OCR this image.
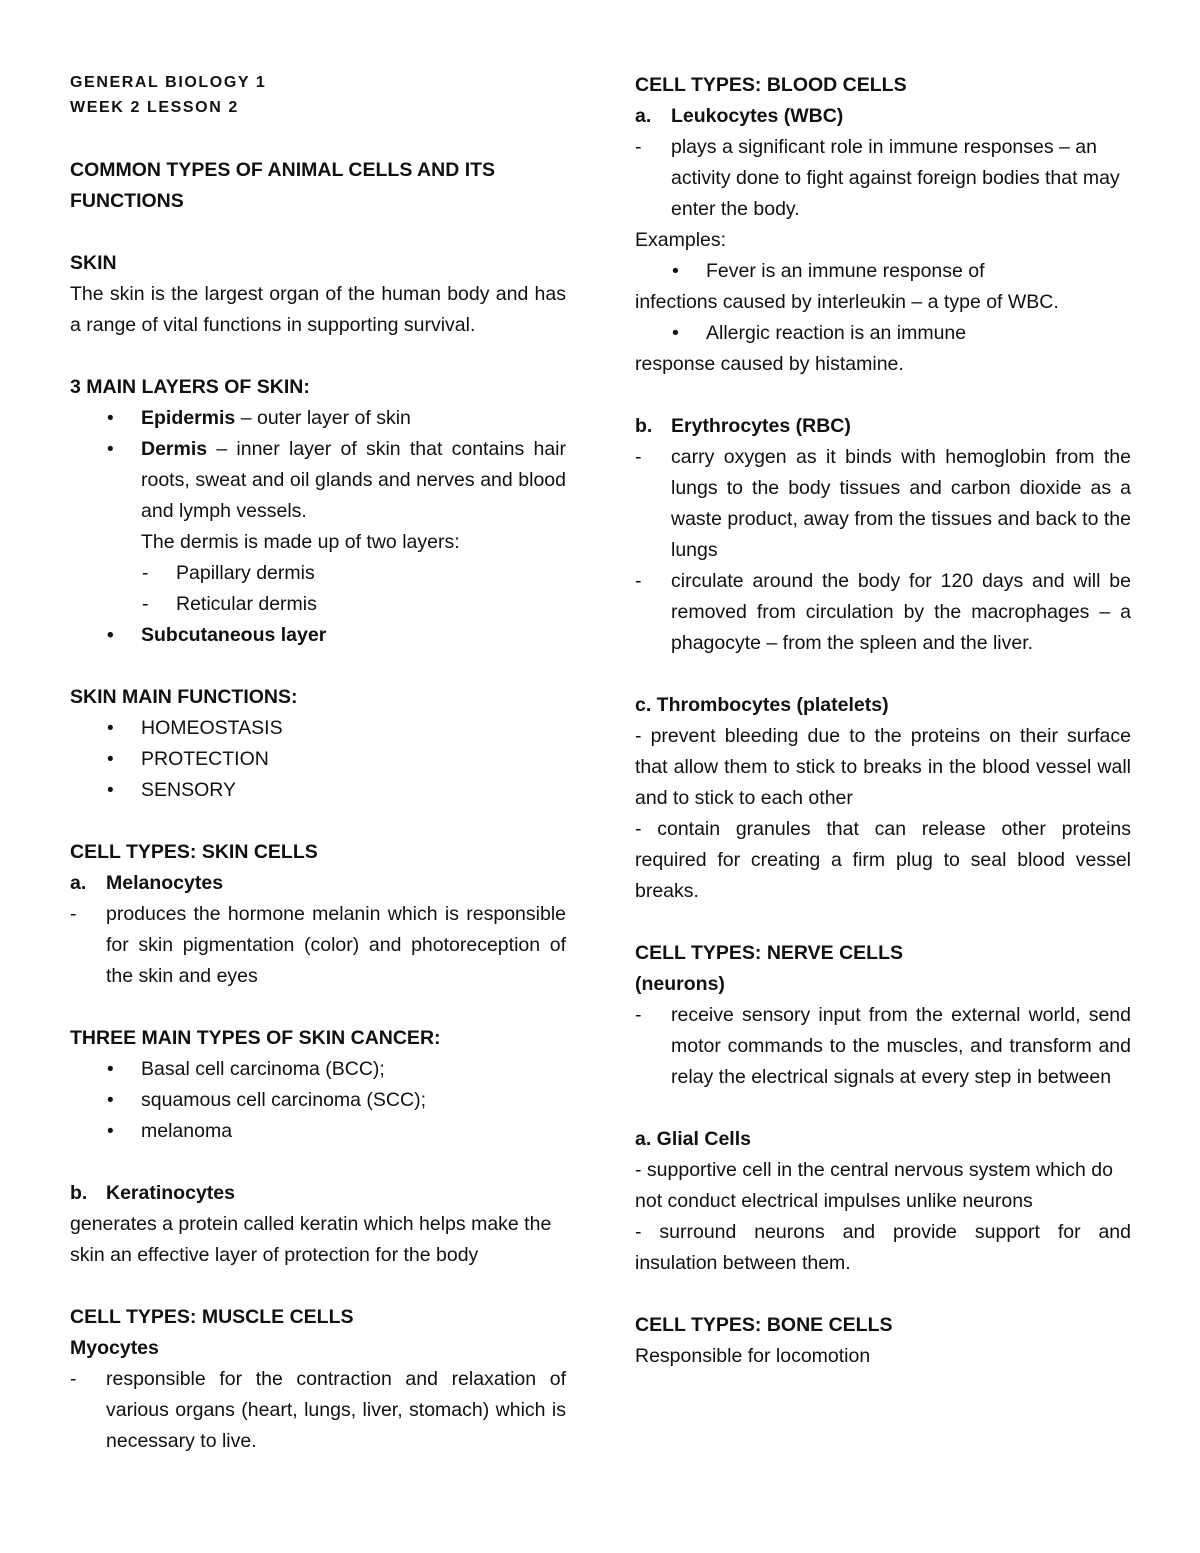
GENERAL BIOLOGY 1
WEEK 2 LESSON 2
COMMON TYPES OF ANIMAL CELLS AND ITS
FUNCTIONS
SKIN
The skin is the largest organ of the human body and has a range of vital functions in supporting survival.
3 MAIN LAYERS OF SKIN:
• Epidermis – outer layer of skin
• Dermis – inner layer of skin that contains hair roots, sweat and oil glands and nerves and blood and lymph vessels.
The dermis is made up of two layers:
- Papillary dermis
- Reticular dermis
• Subcutaneous layer
SKIN MAIN FUNCTIONS:
• HOMEOSTASIS
• PROTECTION
• SENSORY
CELL TYPES: SKIN CELLS
a. Melanocytes
- produces the hormone melanin which is responsible for skin pigmentation (color) and photoreception of the skin and eyes
THREE MAIN TYPES OF SKIN CANCER:
• Basal cell carcinoma (BCC);
• squamous cell carcinoma (SCC);
• melanoma
b. Keratinocytes
generates a protein called keratin which helps make the skin an effective layer of protection for the body
CELL TYPES: MUSCLE CELLS
Myocytes
- responsible for the contraction and relaxation of various organs (heart, lungs, liver, stomach) which is necessary to live.
CELL TYPES: BLOOD CELLS
a. Leukocytes (WBC)
- plays a significant role in immune responses – an activity done to fight against foreign bodies that may enter the body.
Examples:
• Fever is an immune response of
infections caused by interleukin – a type of WBC.
• Allergic reaction is an immune
response caused by histamine.
b. Erythrocytes (RBC)
- carry oxygen as it binds with hemoglobin from the lungs to the body tissues and carbon dioxide as a waste product, away from the tissues and back to the lungs
- circulate around the body for 120 days and will be removed from circulation by the macrophages – a phagocyte – from the spleen and the liver.
c. Thrombocytes (platelets)
- prevent bleeding due to the proteins on their surface that allow them to stick to breaks in the blood vessel wall and to stick to each other
- contain granules that can release other proteins required for creating a firm plug to seal blood vessel breaks.
CELL TYPES: NERVE CELLS
(neurons)
- receive sensory input from the external world, send motor commands to the muscles, and transform and relay the electrical signals at every step in between
a. Glial Cells
- supportive cell in the central nervous system which do not conduct electrical impulses unlike neurons
- surround neurons and provide support for and insulation between them.
CELL TYPES: BONE CELLS
Responsible for locomotion
